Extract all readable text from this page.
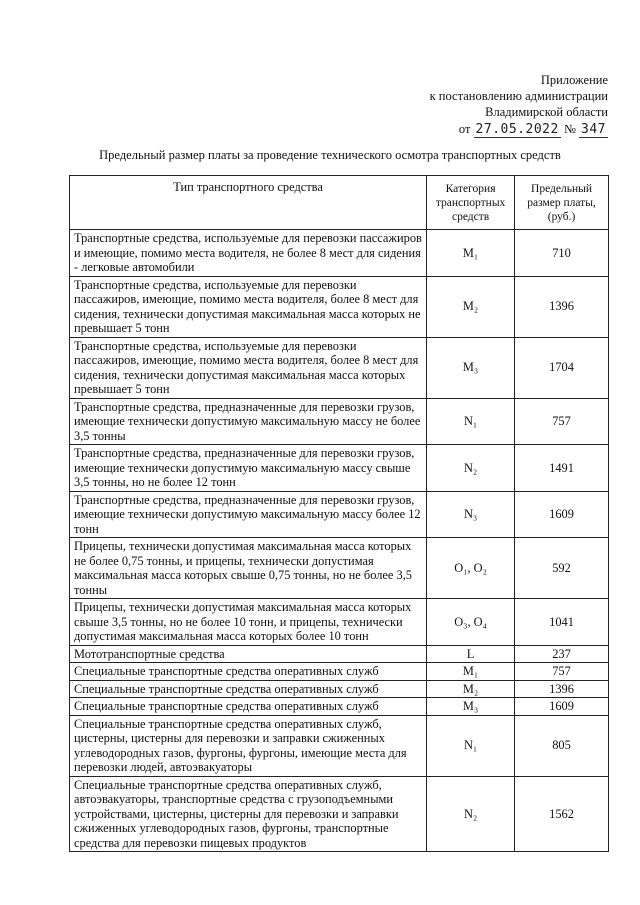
Приложение
к постановлению администрации
Владимирской области
от 27.05.2022 № 347
Предельный размер платы за проведение технического осмотра транспортных средств
Тип транспортного средства	Категория транспортных средств	Предельный размер платы, (руб.)
Транспортные средства, используемые для перевозки пассажиров и имеющие, помимо места водителя, не более 8 мест для сидения - легковые автомобили	M₁	710
Транспортные средства, используемые для перевозки пассажиров, имеющие, помимо места водителя, более 8 мест для сидения, технически допустимая максимальная масса которых не превышает 5 тонн	M₂	1396
Транспортные средства, используемые для перевозки пассажиров, имеющие, помимо места водителя, более 8 мест для сидения, технически допустимая максимальная масса которых превышает 5 тонн	M₃	1704
Транспортные средства, предназначенные для перевозки грузов, имеющие технически допустимую максимальную массу не более 3,5 тонны	N₁	757
Транспортные средства, предназначенные для перевозки грузов, имеющие технически допустимую максимальную массу свыше 3,5 тонны, но не более 12 тонн	N₂	1491
Транспортные средства, предназначенные для перевозки грузов, имеющие технически допустимую максимальную массу более 12 тонн	N₃	1609
Прицепы, технически допустимая максимальная масса которых не более 0,75 тонны, и прицепы, технически допустимая максимальная масса которых свыше 0,75 тонны, но не более 3,5 тонны	O₁, O₂	592
Прицепы, технически допустимая максимальная масса которых свыше 3,5 тонны, но не более 10 тонн, и прицепы, технически допустимая максимальная масса которых более 10 тонн	O₃, O₄	1041
Мототранспортные средства	L	237
Специальные транспортные средства оперативных служб	M₁	757
Специальные транспортные средства оперативных служб	M₂	1396
Специальные транспортные средства оперативных служб	M₃	1609
Специальные транспортные средства оперативных служб, цистерны, цистерны для перевозки и заправки сжиженных углеводородных газов, фургоны, фургоны, имеющие места для перевозки людей, автоэвакуаторы	N₁	805
Специальные транспортные средства оперативных служб, автоэвакуаторы, транспортные средства с грузоподъемными устройствами, цистерны, цистерны для перевозки и заправки сжиженных углеводородных газов, фургоны, транспортные средства для перевозки пищевых продуктов	N₂	1562
